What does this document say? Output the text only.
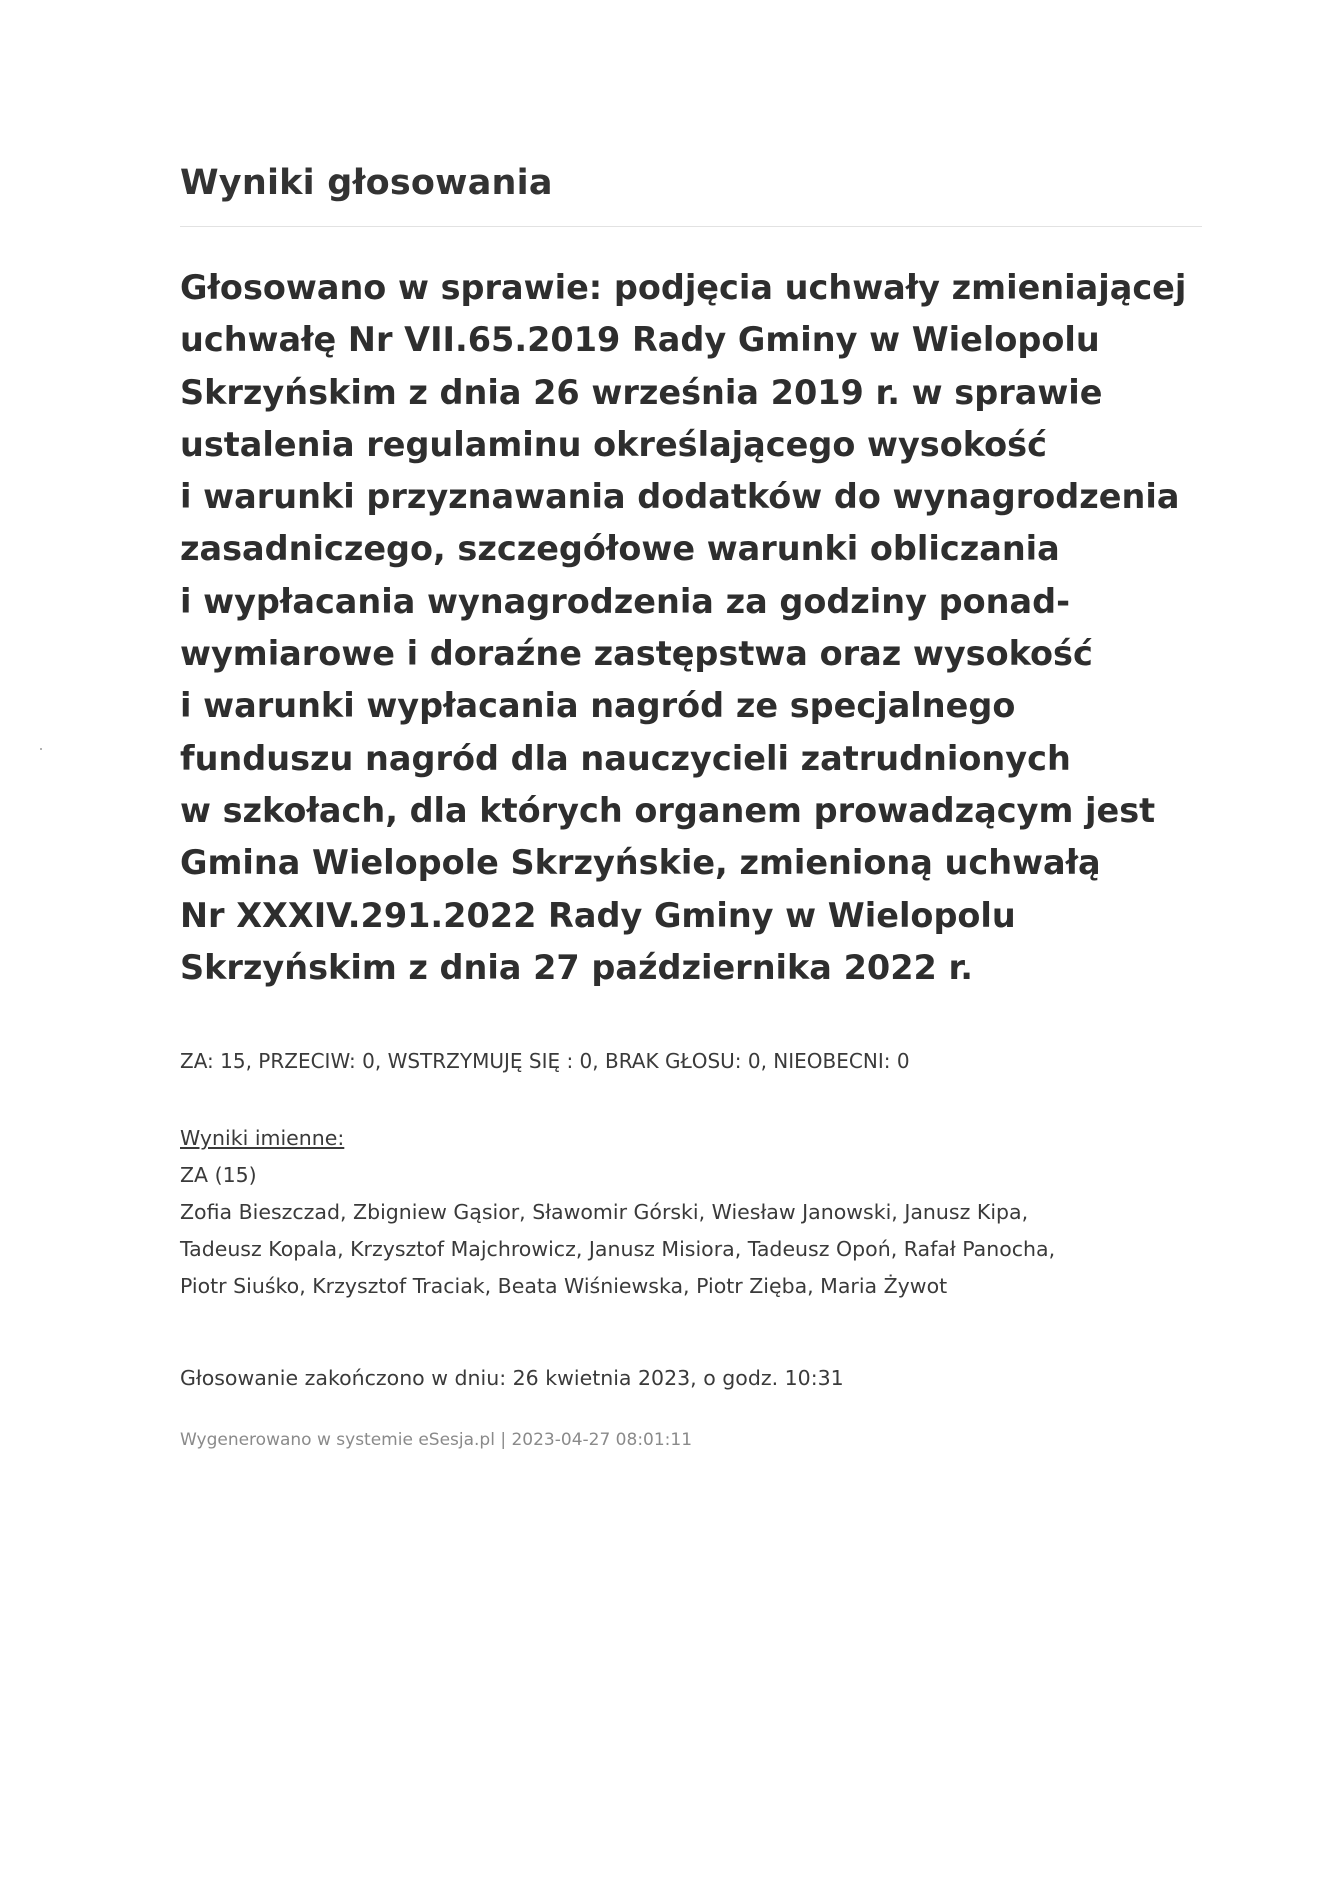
Wyniki głosowania

Głosowano w sprawie: podjęcia uchwały zmieniającej
uchwałę Nr VII.65.2019 Rady Gminy w Wielopolu
Skrzyńskim z dnia 26 września 2019 r. w sprawie
ustalenia regulaminu określającego wysokość
i warunki przyznawania dodatków do wynagrodzenia
zasadniczego, szczegółowe warunki obliczania
i wypłacania wynagrodzenia za godziny ponad-
wymiarowe i doraźne zastępstwa oraz wysokość
i warunki wypłacania nagród ze specjalnego
funduszu nagród dla nauczycieli zatrudnionych
w szkołach, dla których organem prowadzącym jest
Gmina Wielopole Skrzyńskie, zmienioną uchwałą
Nr XXXIV.291.2022 Rady Gminy w Wielopolu
Skrzyńskim z dnia 27 października 2022 r.

ZA: 15, PRZECIW: 0, WSTRZYMUJĘ SIĘ : 0, BRAK GŁOSU: 0, NIEOBECNI: 0

Wyniki imienne:
ZA (15)
Zofia Bieszczad, Zbigniew Gąsior, Sławomir Górski, Wiesław Janowski, Janusz Kipa,
Tadeusz Kopala, Krzysztof Majchrowicz, Janusz Misiora, Tadeusz Opoń, Rafał Panocha,
Piotr Siuśko, Krzysztof Traciak, Beata Wiśniewska, Piotr Zięba, Maria Żywot

Głosowanie zakończono w dniu: 26 kwietnia 2023, o godz. 10:31

Wygenerowano w systemie eSesja.pl | 2023-04-27 08:01:11
